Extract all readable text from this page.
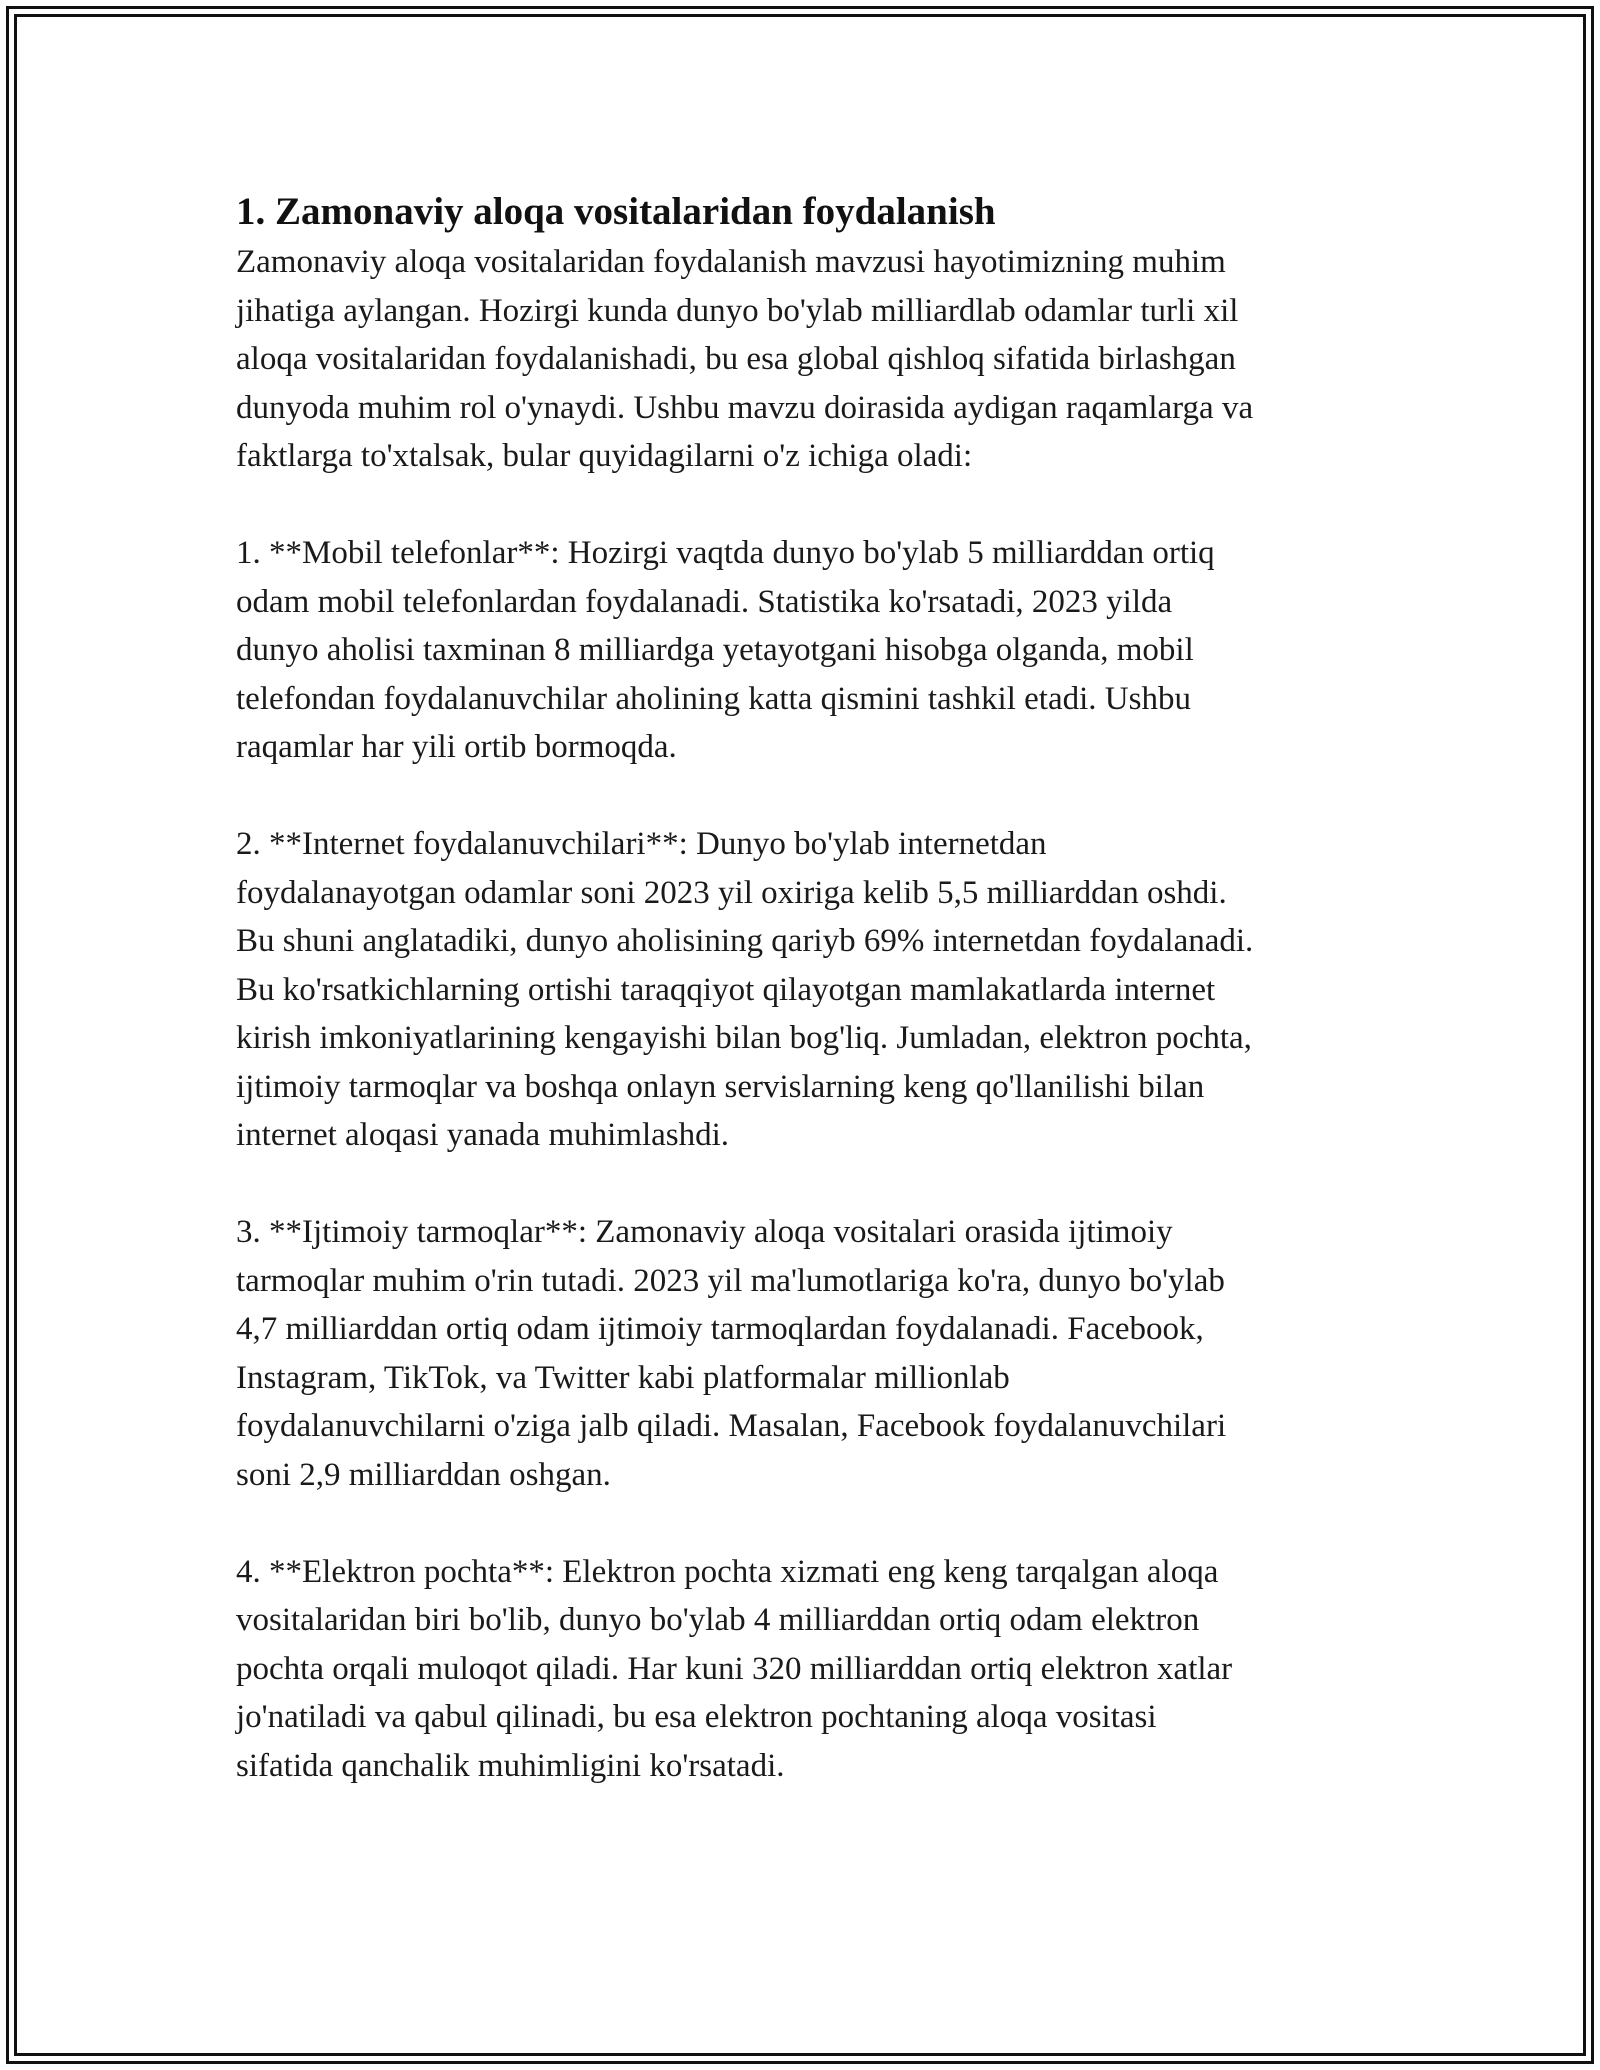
1. Zamonaviy aloqa vositalaridan foydalanish

Zamonaviy aloqa vositalaridan foydalanish mavzusi hayotimizning muhim
jihatiga aylangan. Hozirgi kunda dunyo bo'ylab milliardlab odamlar turli xil
aloqa vositalaridan foydalanishadi, bu esa global qishloq sifatida birlashgan
dunyoda muhim rol o'ynaydi. Ushbu mavzu doirasida aydigan raqamlarga va
faktlarga to'xtalsak, bular quyidagilarni o'z ichiga oladi:

1. **Mobil telefonlar**: Hozirgi vaqtda dunyo bo'ylab 5 milliarddan ortiq
odam mobil telefonlardan foydalanadi. Statistika ko'rsatadi, 2023 yilda
dunyo aholisi taxminan 8 milliardga yetayotgani hisobga olganda, mobil
telefondan foydalanuvchilar aholining katta qismini tashkil etadi. Ushbu
raqamlar har yili ortib bormoqda.

2. **Internet foydalanuvchilari**: Dunyo bo'ylab internetdan
foydalanayotgan odamlar soni 2023 yil oxiriga kelib 5,5 milliarddan oshdi.
Bu shuni anglatadiki, dunyo aholisining qariyb 69% internetdan foydalanadi.
Bu ko'rsatkichlarning ortishi taraqqiyot qilayotgan mamlakatlarda internet
kirish imkoniyatlarining kengayishi bilan bog'liq. Jumladan, elektron pochta,
ijtimoiy tarmoqlar va boshqa onlayn servislarning keng qo'llanilishi bilan
internet aloqasi yanada muhimlashdi.

3. **Ijtimoiy tarmoqlar**: Zamonaviy aloqa vositalari orasida ijtimoiy
tarmoqlar muhim o'rin tutadi. 2023 yil ma'lumotlariga ko'ra, dunyo bo'ylab
4,7 milliarddan ortiq odam ijtimoiy tarmoqlardan foydalanadi. Facebook,
Instagram, TikTok, va Twitter kabi platformalar millionlab
foydalanuvchilarni o'ziga jalb qiladi. Masalan, Facebook foydalanuvchilari
soni 2,9 milliarddan oshgan.

4. **Elektron pochta**: Elektron pochta xizmati eng keng tarqalgan aloqa
vositalaridan biri bo'lib, dunyo bo'ylab 4 milliarddan ortiq odam elektron
pochta orqali muloqot qiladi. Har kuni 320 milliarddan ortiq elektron xatlar
jo'natiladi va qabul qilinadi, bu esa elektron pochtaning aloqa vositasi
sifatida qanchalik muhimligini ko'rsatadi.
